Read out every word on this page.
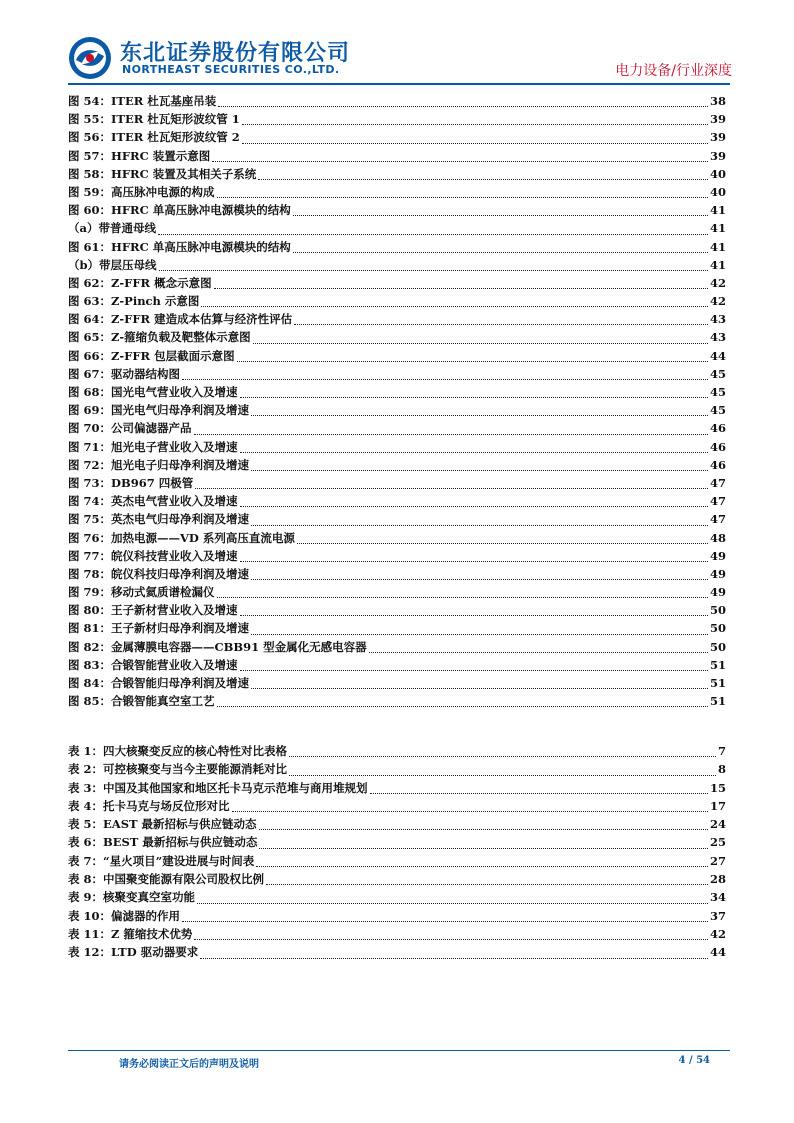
东北证券股份有限公司
NORTHEAST SECURITIES CO.,LTD.	电力设备/行业深度
图 54：ITER 杜瓦基座吊装	38
图 55：ITER 杜瓦矩形波纹管 1	39
图 56：ITER 杜瓦矩形波纹管 2	39
图 57：HFRC 装置示意图	39
图 58：HFRC 装置及其相关子系统	40
图 59：高压脉冲电源的构成	40
图 60：HFRC 单高压脉冲电源模块的结构	41
（a）带普通母线	41
图 61：HFRC 单高压脉冲电源模块的结构	41
（b）带层压母线	41
图 62：Z-FFR 概念示意图	42
图 63：Z-Pinch 示意图	42
图 64：Z-FFR 建造成本估算与经济性评估	43
图 65：Z-箍缩负载及靶整体示意图	43
图 66：Z-FFR 包层截面示意图	44
图 67：驱动器结构图	45
图 68：国光电气营业收入及增速	45
图 69：国光电气归母净利润及增速	45
图 70：公司偏滤器产品	46
图 71：旭光电子营业收入及增速	46
图 72：旭光电子归母净利润及增速	46
图 73：DB967 四极管	47
图 74：英杰电气营业收入及增速	47
图 75：英杰电气归母净利润及增速	47
图 76：加热电源——VD 系列高压直流电源	48
图 77：皖仪科技营业收入及增速	49
图 78：皖仪科技归母净利润及增速	49
图 79：移动式氦质谱检漏仪	49
图 80：王子新材营业收入及增速	50
图 81：王子新材归母净利润及增速	50
图 82：金属薄膜电容器——CBB91 型金属化无感电容器	50
图 83：合锻智能营业收入及增速	51
图 84：合锻智能归母净利润及增速	51
图 85：合锻智能真空室工艺	51
表 1：四大核聚变反应的核心特性对比表格	7
表 2：可控核聚变与当今主要能源消耗对比	8
表 3：中国及其他国家和地区托卡马克示范堆与商用堆规划	15
表 4：托卡马克与场反位形对比	17
表 5：EAST 最新招标与供应链动态	24
表 6：BEST 最新招标与供应链动态	25
表 7：“星火项目”建设进展与时间表	27
表 8：中国聚变能源有限公司股权比例	28
表 9：核聚变真空室功能	34
表 10：偏滤器的作用	37
表 11：Z 箍缩技术优势	42
表 12：LTD 驱动器要求	44
请务必阅读正文后的声明及说明	4 / 54
